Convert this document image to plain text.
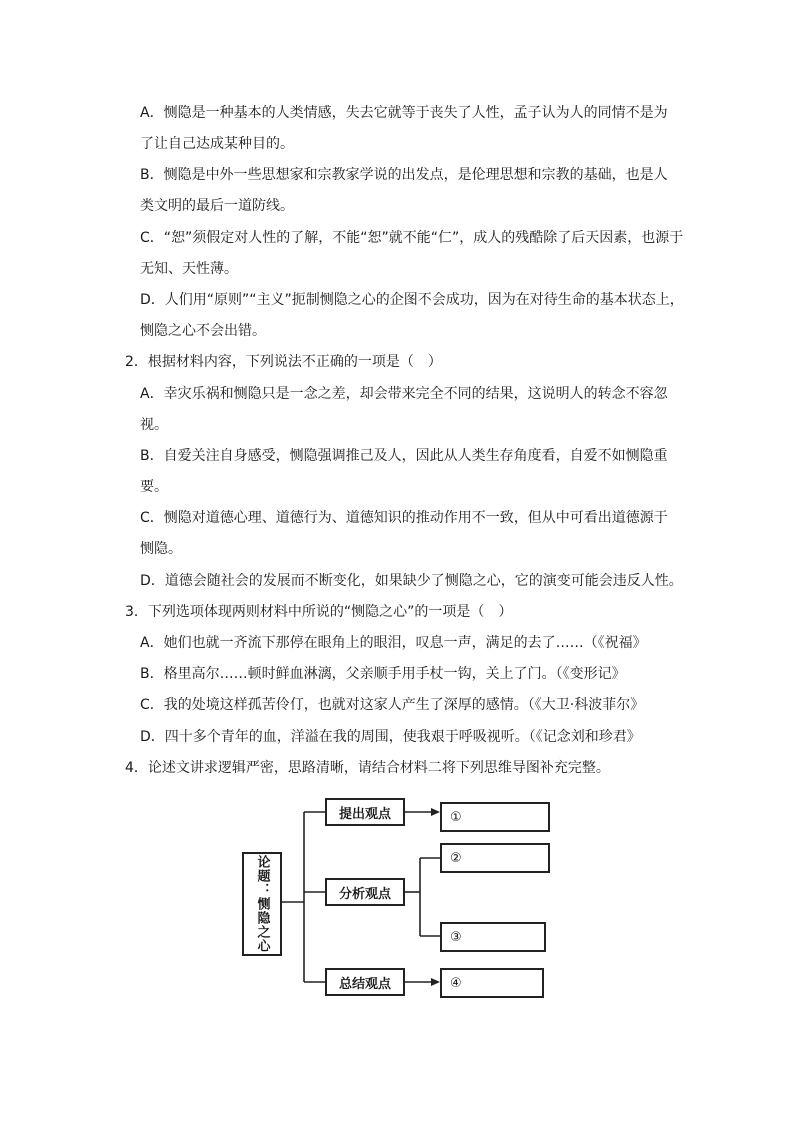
A．恻隐是一种基本的人类情感，失去它就等于丧失了人性，孟子认为人的同情不是为
了让自己达成某种目的。
B．恻隐是中外一些思想家和宗教家学说的出发点，是伦理思想和宗教的基础，也是人
类文明的最后一道防线。
C．“恕”须假定对人性的了解，不能“恕”就不能“仁”，成人的残酷除了后天因素，也源于
无知、天性薄。
D．人们用“原则”“主义”扼制恻隐之心的企图不会成功，因为在对待生命的基本状态上，
恻隐之心不会出错。
2．根据材料内容，下列说法不正确的一项是（　）
A．幸灾乐祸和恻隐只是一念之差，却会带来完全不同的结果，这说明人的转念不容忽
视。
B．自爱关注自身感受，恻隐强调推己及人，因此从人类生存角度看，自爱不如恻隐重
要。
C．恻隐对道德心理、道德行为、道德知识的推动作用不一致，但从中可看出道德源于
恻隐。
D．道德会随社会的发展而不断变化，如果缺少了恻隐之心，它的演变可能会违反人性。
3．下列选项体现两则材料中所说的“恻隐之心”的一项是（　）
A．她们也就一齐流下那停在眼角上的眼泪，叹息一声，满足的去了……（《祝福》
B．格里高尔……顿时鲜血淋漓，父亲顺手用手杖一钩，关上了门。（《变形记》
C．我的处境这样孤苦伶仃，也就对这家人产生了深厚的感情。（《大卫·科波菲尔》
D．四十多个青年的血，洋溢在我的周围，使我艰于呼吸视听。（《记念刘和珍君》
4．论述文讲求逻辑严密，思路清晰，请结合材料二将下列思维导图补充完整。
论题：恻隐之心
提出观点
分析观点
总结观点
①
②
③
④
